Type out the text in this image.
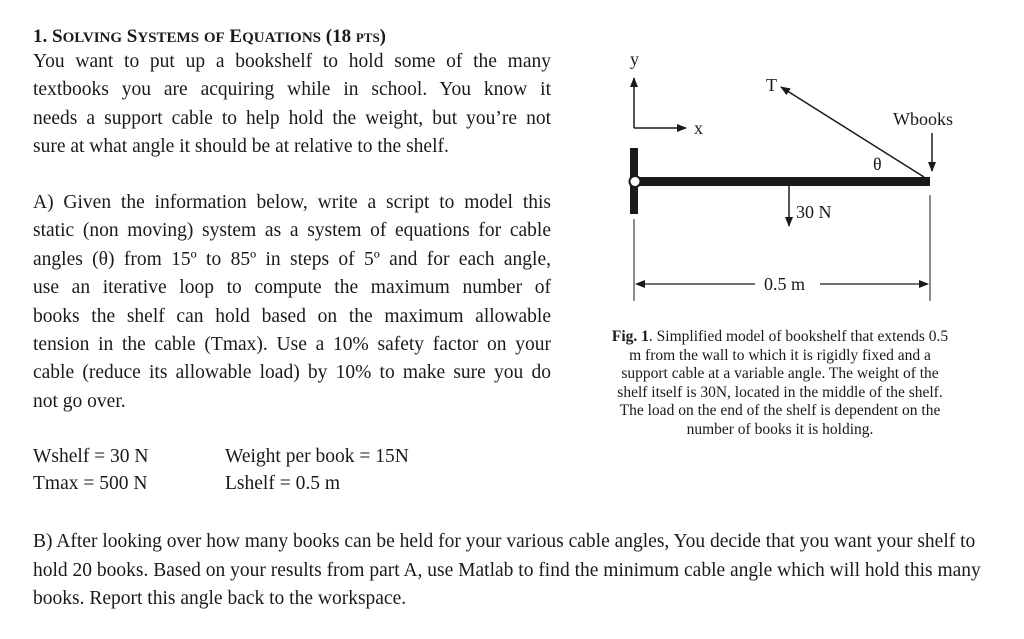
1. SOLVING SYSTEMS OF EQUATIONS (18 PTS)
You want to put up a bookshelf to hold some of the many
textbooks you are acquiring while in school. You know it
needs a support cable to help hold the weight, but you’re not
sure at what angle it should be at relative to the shelf.
A) Given the information below, write a script to model this
static (non moving) system as a system of equations for cable
angles (θ) from 15º to 85º in steps of 5º and for each angle,
use an iterative loop to compute the maximum number of
books the shelf can hold based on the maximum allowable
tension in the cable (Tmax). Use a 10% safety factor on your
cable (reduce its allowable load) by 10% to make sure you do
not go over.
Wshelf = 30 N
Tmax = 500 N
Weight per book = 15N
Lshelf = 0.5 m

B) After looking over how many books can be held for your various cable angles, You decide that you want your shelf to hold 20 books. Based on your results from part A, use Matlab to find the minimum cable angle which will hold this many books. Report this angle back to the workspace.

y
x
T
θ
Wbooks
30 N
0.5 m
Fig. 1. Simplified model of bookshelf that extends 0.5
m from the wall to which it is rigidly fixed and a
support cable at a variable angle. The weight of the
shelf itself is 30N, located in the middle of the shelf.
The load on the end of the shelf is dependent on the
number of books it is holding.
